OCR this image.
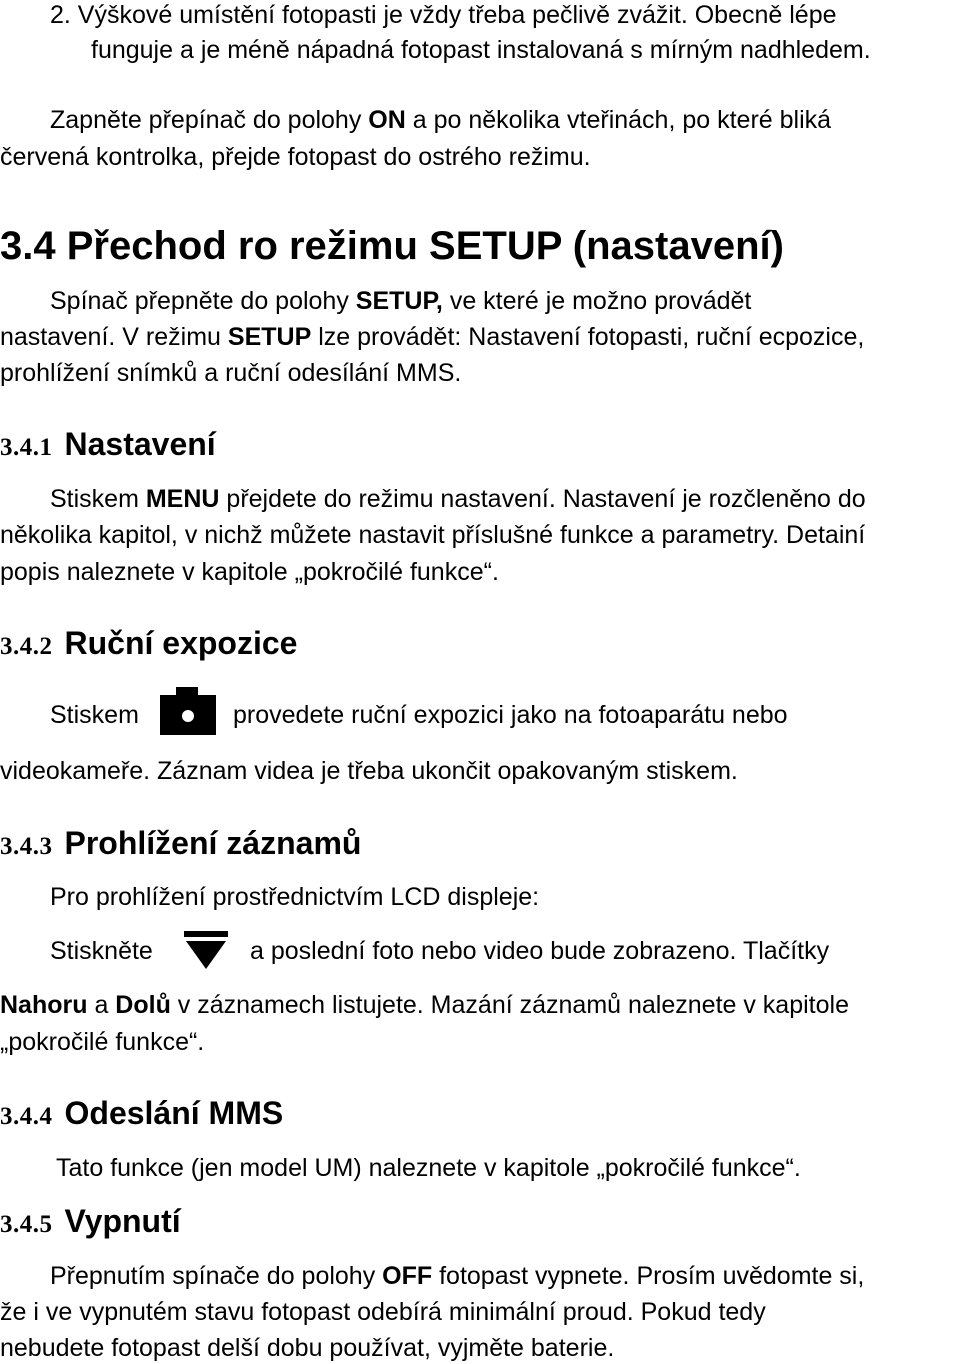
2. Výškové umístění fotopasti je vždy třeba pečlivě zvážit. Obecně lépe
funguje a je méně nápadná fotopast instalovaná s mírným nadhledem.
Zapněte přepínač do polohy ON a po několika vteřinách, po které bliká
červená kontrolka, přejde fotopast do ostrého režimu.
3.4 Přechod ro režimu SETUP (nastavení)
Spínač přepněte do polohy SETUP, ve které je možno provádět
nastavení. V režimu SETUP lze provádět: Nastavení fotopasti, ruční ecpozice,
prohlížení snímků a ruční odesílání MMS.
3.4.1 Nastavení
Stiskem MENU přejdete do režimu nastavení. Nastavení je rozčleněno do
několika kapitol, v nichž můžete nastavit příslušné funkce a parametry. Detainí
popis naleznete v kapitole „pokročilé funkce“.
3.4.2 Ruční expozice
Stiskem	provedete ruční expozici jako na fotoaparátu nebo
videokameře. Záznam videa je třeba ukončit opakovaným stiskem.
3.4.3 Prohlížení záznamů
Pro prohlížení prostřednictvím LCD displeje:
Stiskněte	a poslední foto nebo video bude zobrazeno. Tlačítky
Nahoru a Dolů v záznamech listujete. Mazání záznamů naleznete v kapitole
„pokročilé funkce“.
3.4.4 Odeslání MMS
Tato funkce (jen model UM) naleznete v kapitole „pokročilé funkce“.
3.4.5 Vypnutí
Přepnutím spínače do polohy OFF fotopast vypnete. Prosím uvědomte si,
že i ve vypnutém stavu fotopast odebírá minimální proud. Pokud tedy
nebudete fotopast delší dobu používat, vyjměte baterie.
